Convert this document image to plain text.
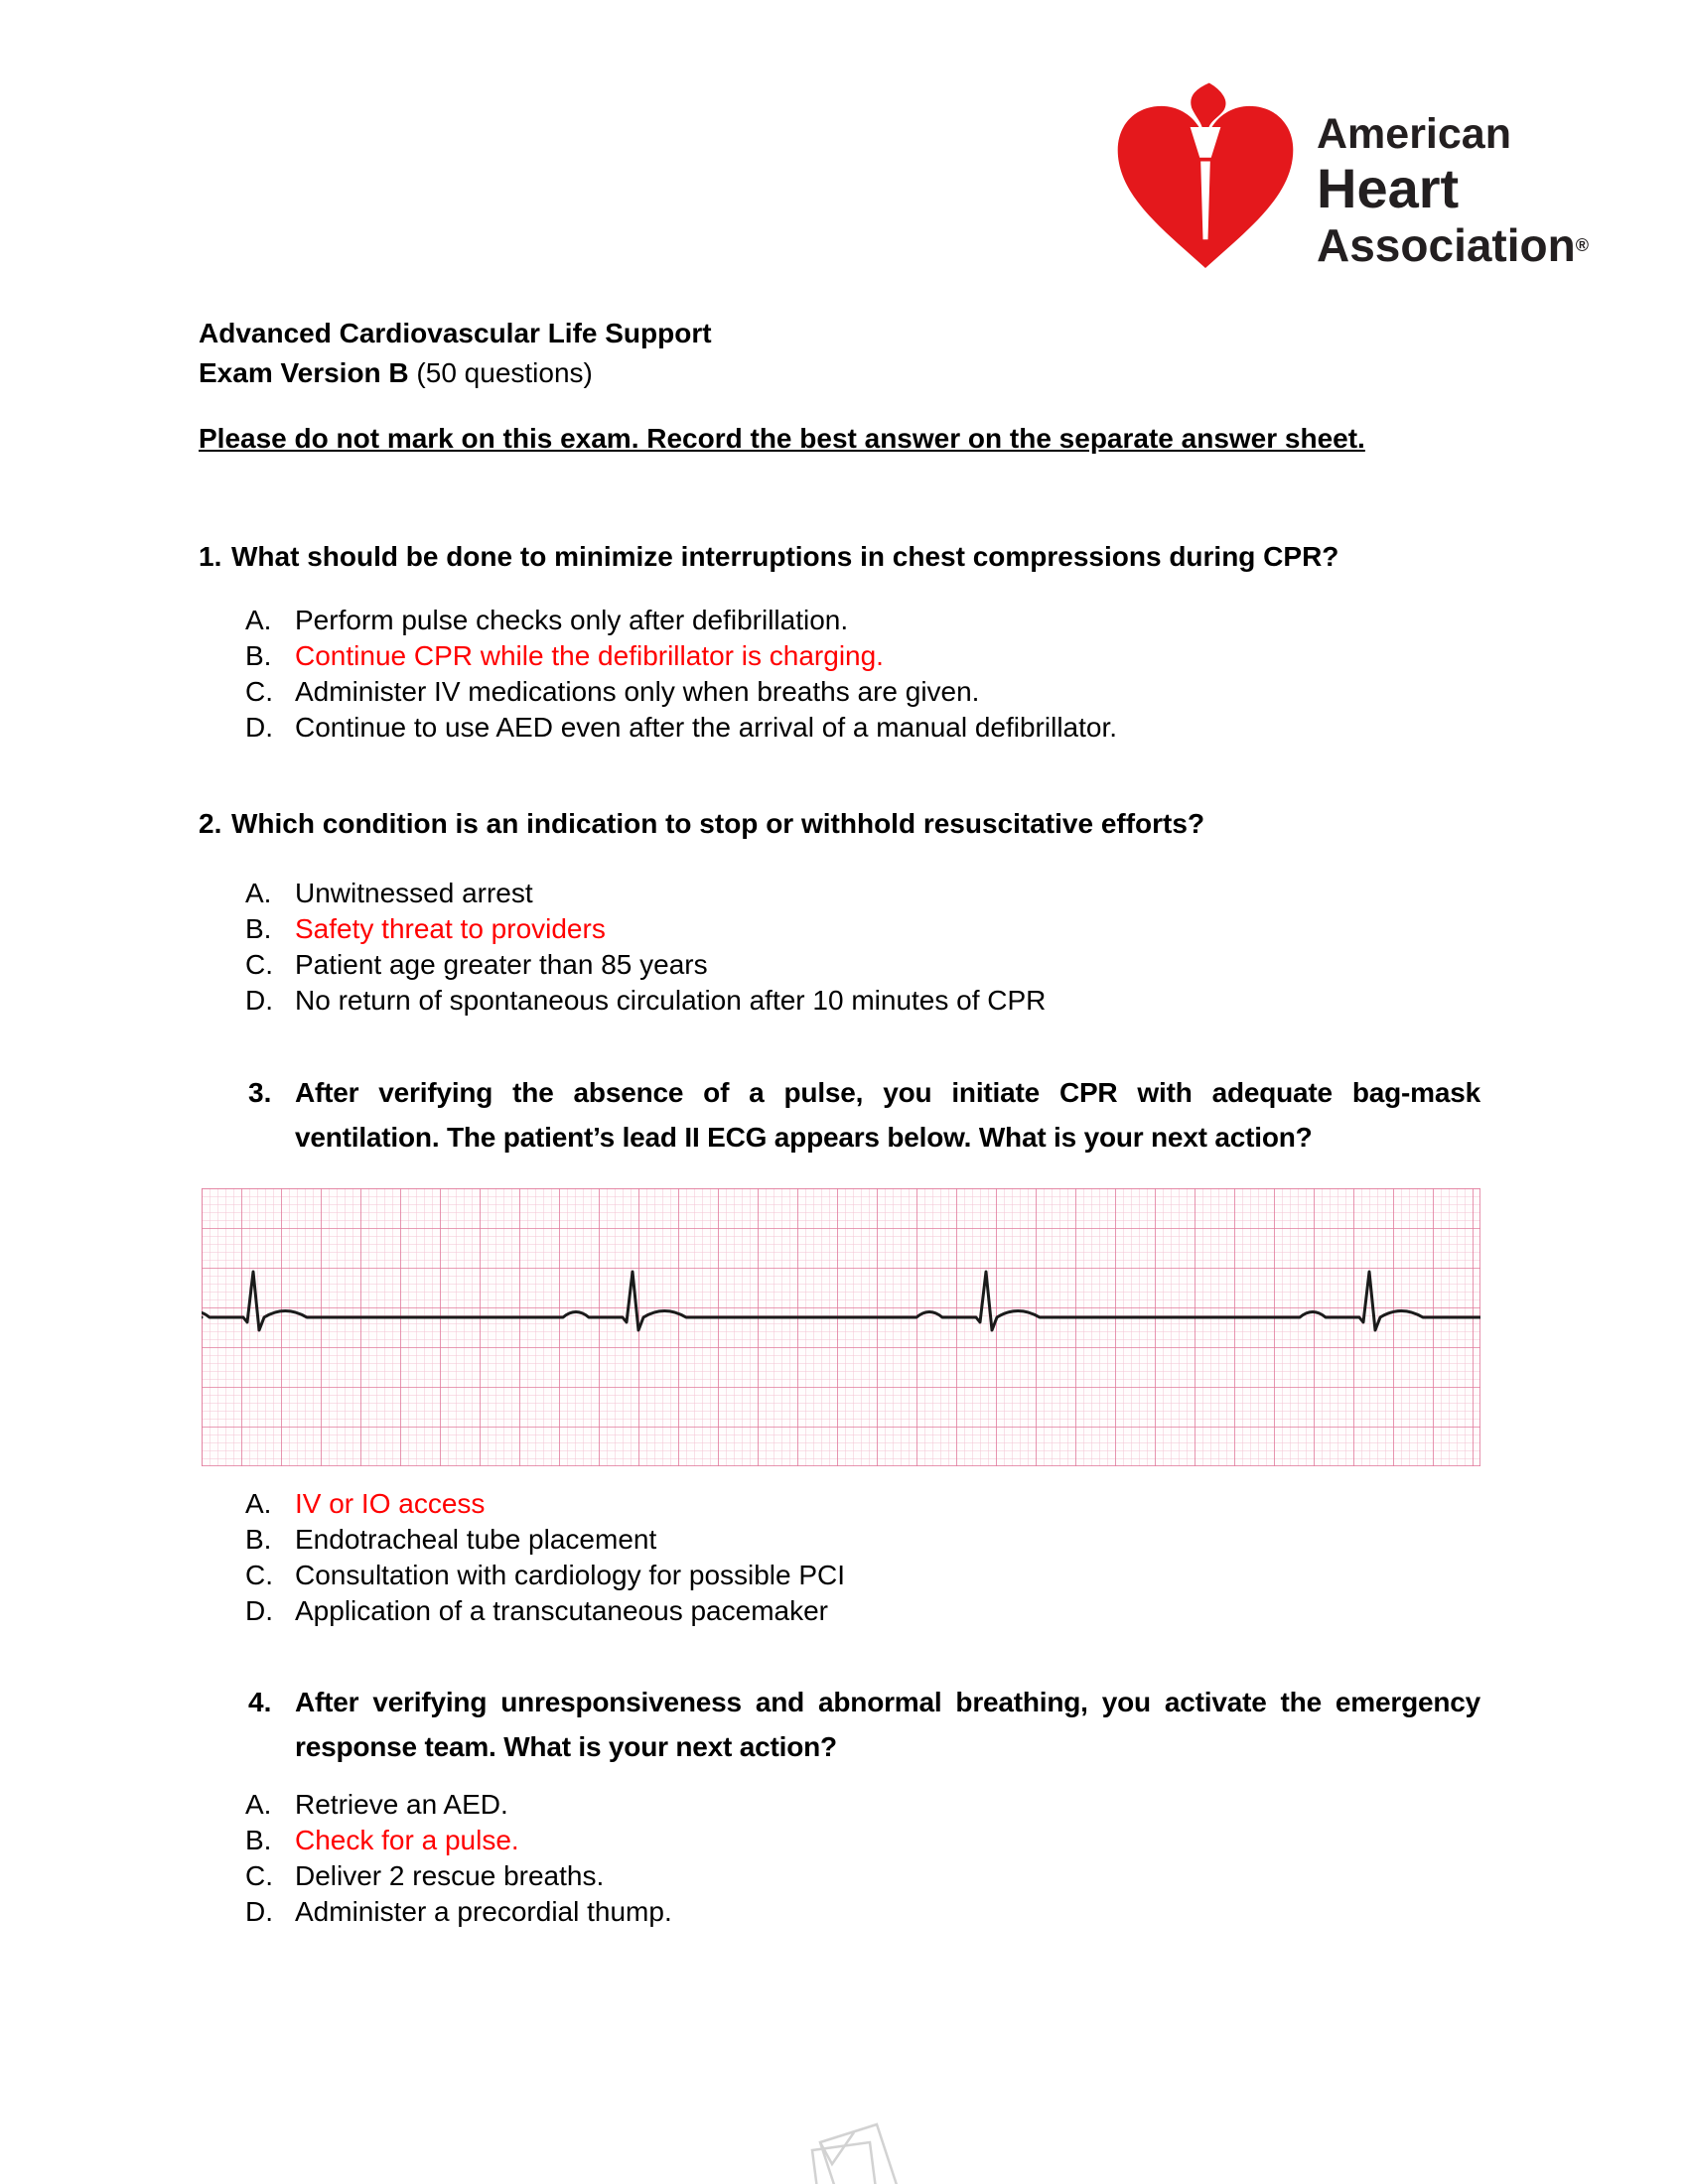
American
Heart
Association®
Advanced Cardiovascular Life Support
Exam Version B (50 questions)
Please do not mark on this exam. Record the best answer on the separate answer sheet.
1. What should be done to minimize interruptions in chest compressions during CPR?
A. Perform pulse checks only after defibrillation.
B. Continue CPR while the defibrillator is charging.
C. Administer IV medications only when breaths are given.
D. Continue to use AED even after the arrival of a manual defibrillator.
2. Which condition is an indication to stop or withhold resuscitative efforts?
A. Unwitnessed arrest
B. Safety threat to providers
C. Patient age greater than 85 years
D. No return of spontaneous circulation after 10 minutes of CPR
3. After verifying the absence of a pulse, you initiate CPR with adequate bag-mask ventilation. The patient’s lead II ECG appears below. What is your next action?
A. IV or IO access
B. Endotracheal tube placement
C. Consultation with cardiology for possible PCI
D. Application of a transcutaneous pacemaker
4. After verifying unresponsiveness and abnormal breathing, you activate the emergency response team. What is your next action?
A. Retrieve an AED.
B. Check for a pulse.
C. Deliver 2 rescue breaths.
D. Administer a precordial thump.
